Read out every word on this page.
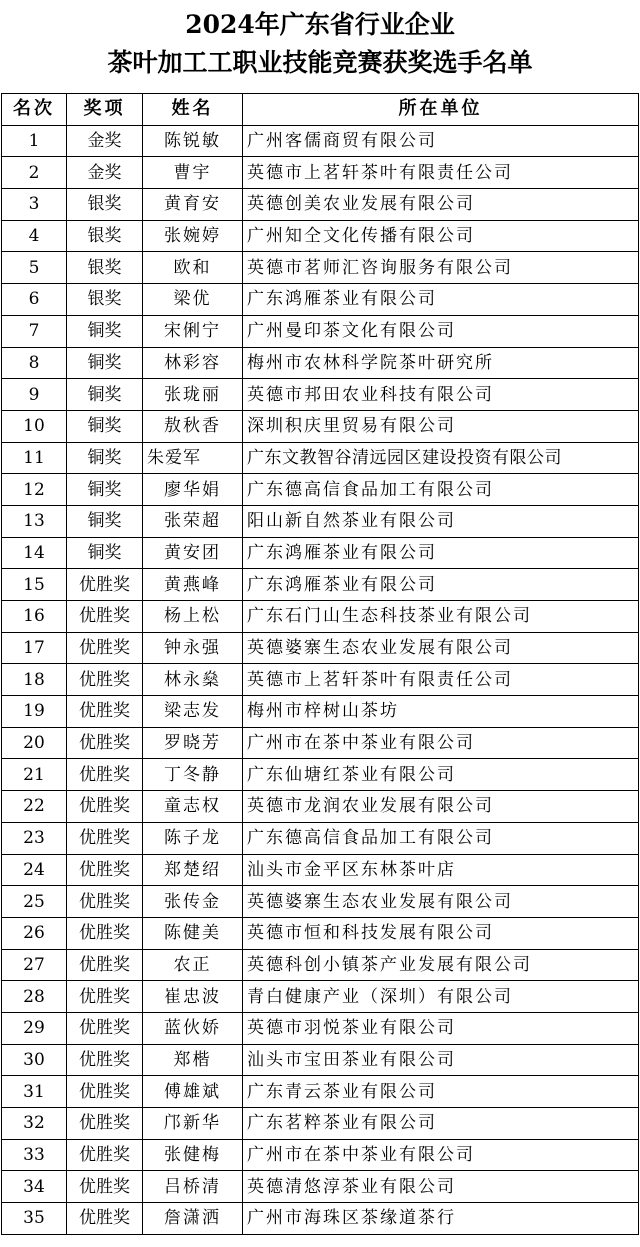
2024年广东省行业企业
茶叶加工工职业技能竞赛获奖选手名单
名次	奖项	姓名	所在单位
1	金奖	陈锐敏	广州客儒商贸有限公司
2	金奖	曹宇	英德市上茗轩茶叶有限责任公司
3	银奖	黄育安	英德创美农业发展有限公司
4	银奖	张婉婷	广州知仝文化传播有限公司
5	银奖	欧和	英德市茗师汇咨询服务有限公司
6	银奖	梁优	广东鸿雁茶业有限公司
7	铜奖	宋俐宁	广州曼印茶文化有限公司
8	铜奖	林彩容	梅州市农林科学院茶叶研究所
9	铜奖	张珑丽	英德市邦田农业科技有限公司
10	铜奖	敖秋香	深圳积庆里贸易有限公司
11	铜奖	朱爱军	广东文教智谷清远园区建设投资有限公司
12	铜奖	廖华娟	广东德高信食品加工有限公司
13	铜奖	张荣超	阳山新自然茶业有限公司
14	铜奖	黄安团	广东鸿雁茶业有限公司
15	优胜奖	黄燕峰	广东鸿雁茶业有限公司
16	优胜奖	杨上松	广东石门山生态科技茶业有限公司
17	优胜奖	钟永强	英德婆寨生态农业发展有限公司
18	优胜奖	林永燊	英德市上茗轩茶叶有限责任公司
19	优胜奖	梁志发	梅州市梓树山茶坊
20	优胜奖	罗晓芳	广州市在茶中茶业有限公司
21	优胜奖	丁冬静	广东仙塘红茶业有限公司
22	优胜奖	童志权	英德市龙润农业发展有限公司
23	优胜奖	陈子龙	广东德高信食品加工有限公司
24	优胜奖	郑楚绍	汕头市金平区东林茶叶店
25	优胜奖	张传金	英德婆寨生态农业发展有限公司
26	优胜奖	陈健美	英德市恒和科技发展有限公司
27	优胜奖	农正	英德科创小镇茶产业发展有限公司
28	优胜奖	崔忠波	青白健康产业（深圳）有限公司
29	优胜奖	蓝伙娇	英德市羽悦茶业有限公司
30	优胜奖	郑楷	汕头市宝田茶业有限公司
31	优胜奖	傅雄斌	广东青云茶业有限公司
32	优胜奖	邝新华	广东茗粹茶业有限公司
33	优胜奖	张健梅	广州市在茶中茶业有限公司
34	优胜奖	吕桥清	英德清悠淳茶业有限公司
35	优胜奖	詹潇洒	广州市海珠区茶缘道茶行
